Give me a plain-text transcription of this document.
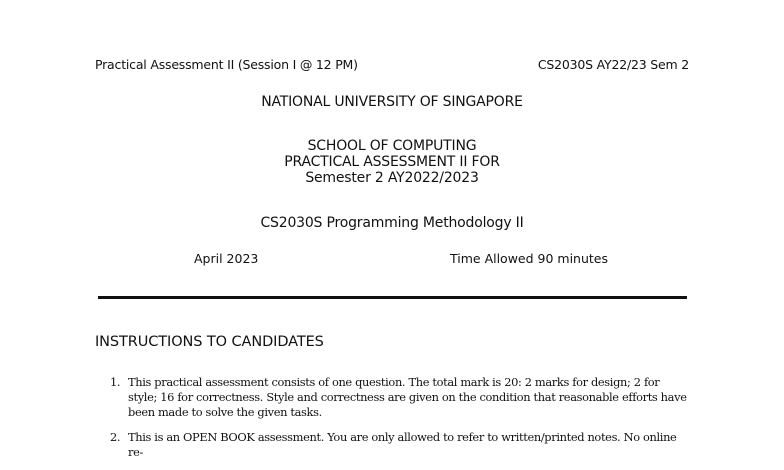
Practical Assessment II (Session I @ 12 PM)	CS2030S AY22/23 Sem 2
NATIONAL UNIVERSITY OF SINGAPORE
SCHOOL OF COMPUTING
PRACTICAL ASSESSMENT II FOR
Semester 2 AY2022/2023
CS2030S Programming Methodology II
April 2023	Time Allowed 90 minutes
INSTRUCTIONS TO CANDIDATES
1. This practical assessment consists of one question. The total mark is 20: 2 marks for design; 2 for style; 16 for correctness. Style and correctness are given on the condition that reasonable efforts have been made to solve the given tasks.
2. This is an OPEN BOOK assessment. You are only allowed to refer to written/printed notes. No online re-
